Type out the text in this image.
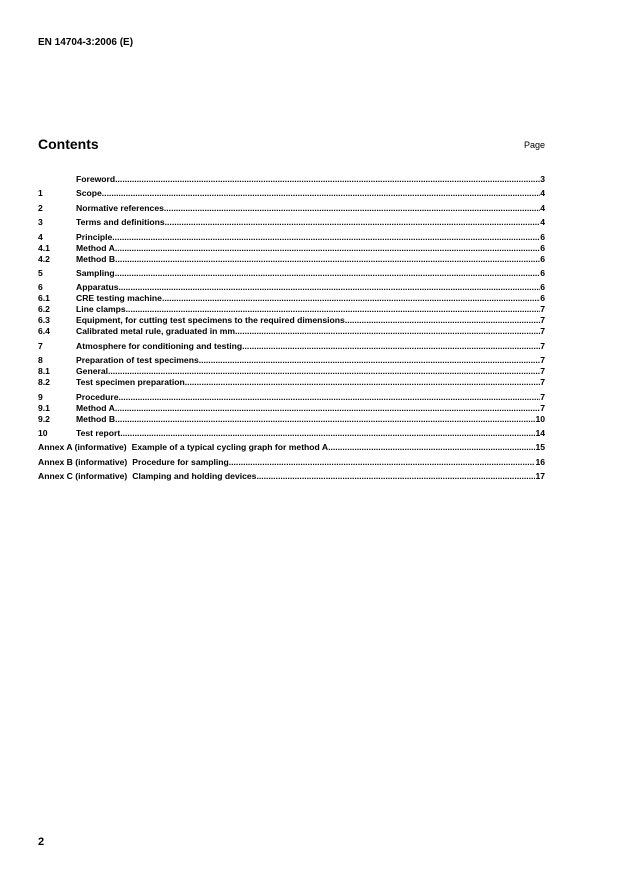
EN 14704-3:2006 (E)
Contents	Page
Foreword .....	3
1	Scope .....	4
2	Normative references .....	4
3	Terms and definitions .....	4
4	Principle .....	6
4.1	Method A .....	6
4.2	Method B .....	6
5	Sampling .....	6
6	Apparatus .....	6
6.1	CRE testing machine .....	6
6.2	Line clamps .....	7
6.3	Equipment, for cutting test specimens to the required dimensions .....	7
6.4	Calibrated metal rule, graduated in mm. .....	7
7	Atmosphere for conditioning and testing .....	7
8	Preparation of test specimens .....	7
8.1	General .....	7
8.2	Test specimen preparation .....	7
9	Procedure .....	7
9.1	Method A .....	7
9.2	Method B .....	10
10	Test report .....	14
Annex A (informative) Example of a typical cycling graph for method A .....	15
Annex B (informative) Procedure for sampling .....	16
Annex C (informative) Clamping and holding devices .....	17
2
